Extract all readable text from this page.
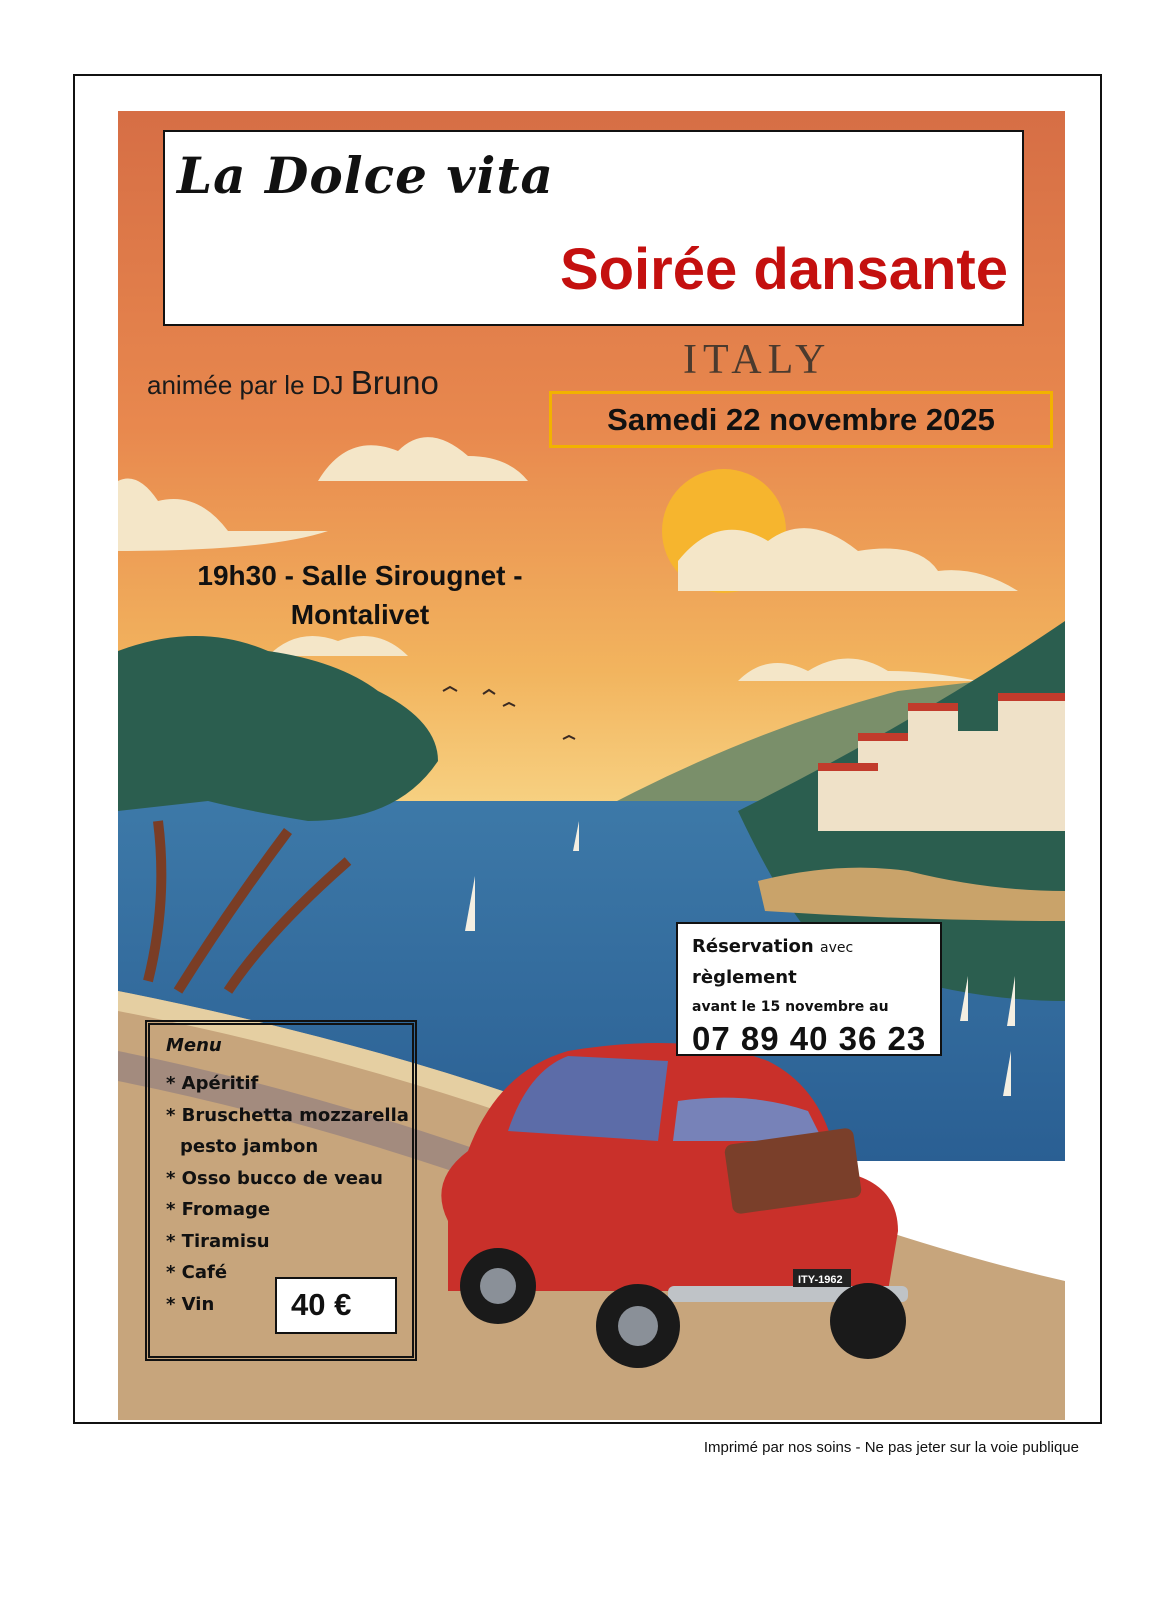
ITY-1962
La Dolce vita
Soirée dansante
ITALY
animée par le DJ Bruno
Samedi 22 novembre 2025
19h30 - Salle Sirougnet -
Montalivet
Réservation avec
règlement
avant le 15 novembre au
07 89 40 36 23
Menu
* Apéritif
* Bruschetta mozzarella
pesto jambon
* Osso bucco de veau
* Fromage
* Tiramisu
* Café
* Vin	40 €
Imprimé par nos soins - Ne pas jeter sur la voie publique
